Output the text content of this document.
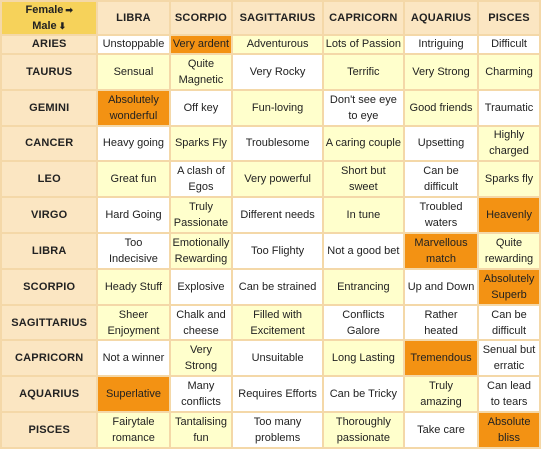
Female ➡
Male ⬇	LIBRA	SCORPIO	SAGITTARIUS	CAPRICORN	AQUARIUS	PISCES
ARIES	Unstoppable	Very ardent	Adventurous	Lots of Passion	Intriguing	Difficult
TAURUS	Sensual	Quite Magnetic	Very Rocky	Terrific	Very Strong	Charming
GEMINI	Absolutely wonderful	Off key	Fun-loving	Don't see eye to eye	Good friends	Traumatic
CANCER	Heavy going	Sparks Fly	Troublesome	A caring couple	Upsetting	Highly charged
LEO	Great fun	A clash of Egos	Very powerful	Short but sweet	Can be difficult	Sparks fly
VIRGO	Hard Going	Truly Passionate	Different needs	In tune	Troubled waters	Heavenly
LIBRA	Too Indecisive	Emotionally Rewarding	Too Flighty	Not a good bet	Marvellous match	Quite rewarding
SCORPIO	Heady Stuff	Explosive	Can be strained	Entrancing	Up and Down	Absolutely Superb
SAGITTARIUS	Sheer Enjoyment	Chalk and cheese	Filled with Excitement	Conflicts Galore	Rather heated	Can be difficult
CAPRICORN	Not a winner	Very Strong	Unsuitable	Long Lasting	Tremendous	Senual but erratic
AQUARIUS	Superlative	Many conflicts	Requires Efforts	Can be Tricky	Truly amazing	Can lead to tears
PISCES	Fairytale romance	Tantalising fun	Too many problems	Thoroughly passionate	Take care	Absolute bliss
